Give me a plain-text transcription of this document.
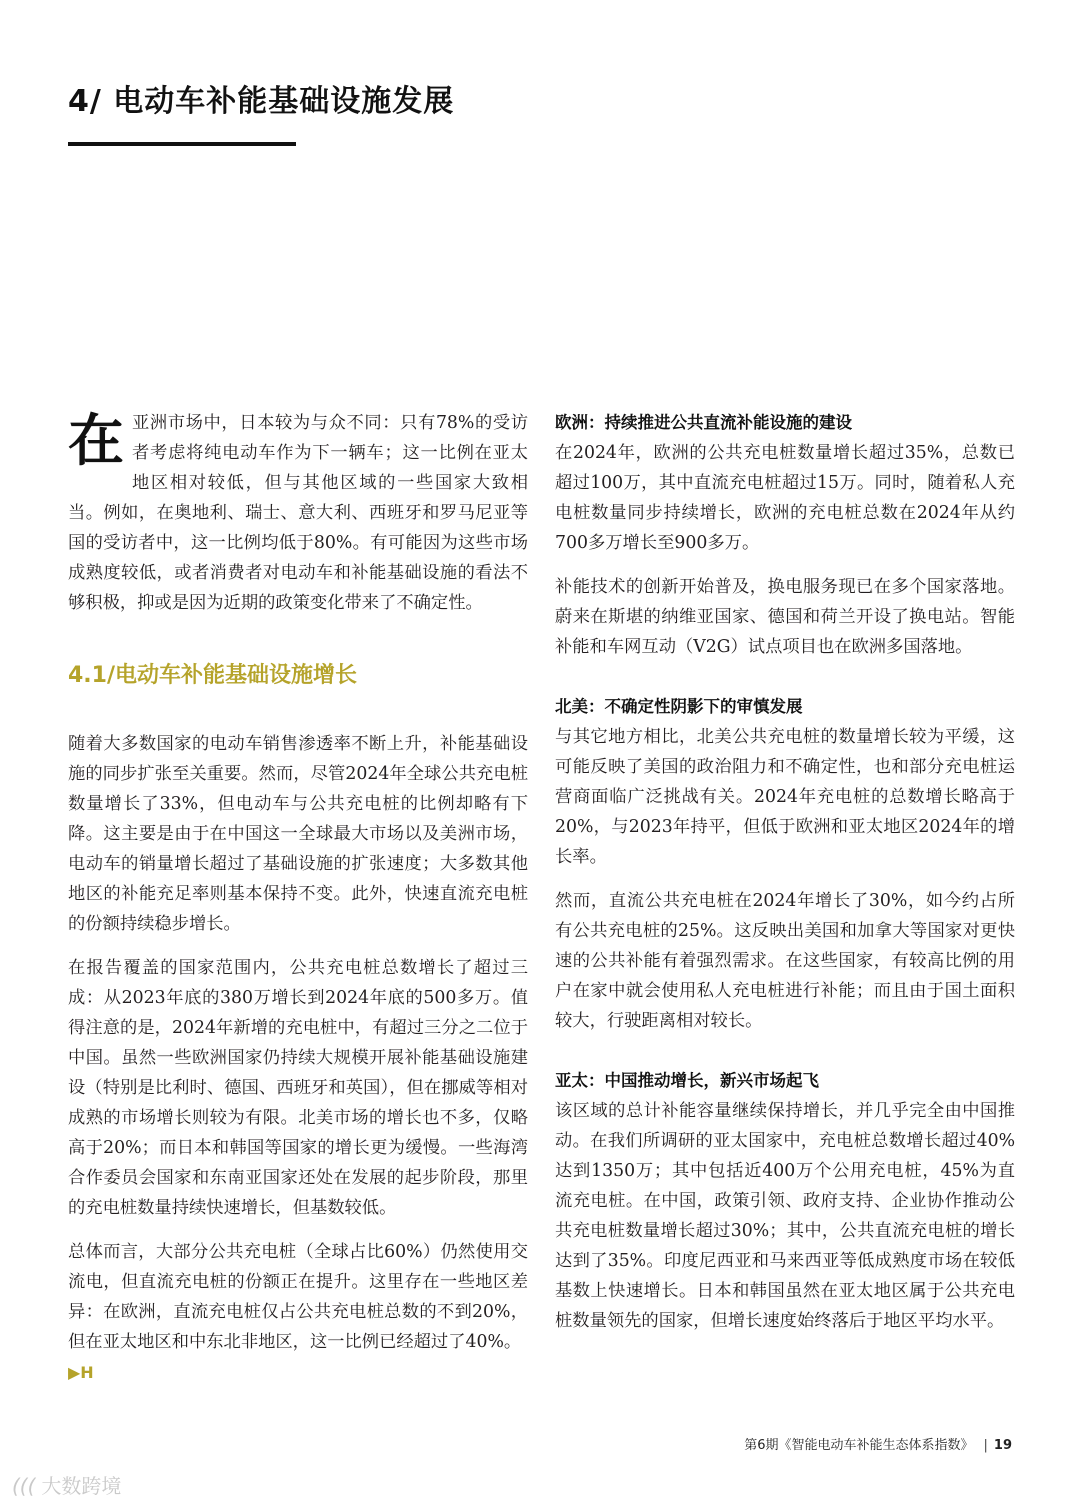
4/ 电动车补能基础设施发展

在亚洲市场中，日本较为与众不同：只有78%的受访者考虑将纯电动车作为下一辆车；这一比例在亚太地区相对较低，但与其他区域的一些国家大致相当。例如，在奥地利、瑞士、意大利、西班牙和罗马尼亚等国的受访者中，这一比例均低于80%。有可能因为这些市场成熟度较低，或者消费者对电动车和补能基础设施的看法不够积极，抑或是因为近期的政策变化带来了不确定性。

4.1/电动车补能基础设施增长

随着大多数国家的电动车销售渗透率不断上升，补能基础设施的同步扩张至关重要。然而，尽管2024年全球公共充电桩数量增长了33%，但电动车与公共充电桩的比例却略有下降。这主要是由于在中国这一全球最大市场以及美洲市场，电动车的销量增长超过了基础设施的扩张速度；大多数其他地区的补能充足率则基本保持不变。此外，快速直流充电桩的份额持续稳步增长。

在报告覆盖的国家范围内，公共充电桩总数增长了超过三成：从2023年底的380万增长到2024年底的500多万。值得注意的是，2024年新增的充电桩中，有超过三分之二位于中国。虽然一些欧洲国家仍持续大规模开展补能基础设施建设（特别是比利时、德国、西班牙和英国），但在挪威等相对成熟的市场增长则较为有限。北美市场的增长也不多，仅略高于20%；而日本和韩国等国家的增长更为缓慢。一些海湾合作委员会国家和东南亚国家还处在发展的起步阶段，那里的充电桩数量持续快速增长，但基数较低。

总体而言，大部分公共充电桩（全球占比60%）仍然使用交流电，但直流充电桩的份额正在提升。这里存在一些地区差异：在欧洲，直流充电桩仅占公共充电桩总数的不到20%，但在亚太地区和中东北非地区，这一比例已经超过了40%。

▶H
欧洲：持续推进公共直流补能设施的建设

在2024年，欧洲的公共充电桩数量增长超过35%，总数已超过100万，其中直流充电桩超过15万。同时，随着私人充电桩数量同步持续增长，欧洲的充电桩总数在2024年从约700多万增长至900多万。

补能技术的创新开始普及，换电服务现已在多个国家落地。蔚来在斯堪的纳维亚国家、德国和荷兰开设了换电站。智能补能和车网互动（V2G）试点项目也在欧洲多国落地。

北美：不确定性阴影下的审慎发展

与其它地方相比，北美公共充电桩的数量增长较为平缓，这可能反映了美国的政治阻力和不确定性，也和部分充电桩运营商面临广泛挑战有关。2024年充电桩的总数增长略高于20%，与2023年持平，但低于欧洲和亚太地区2024年的增长率。

然而，直流公共充电桩在2024年增长了30%，如今约占所有公共充电桩的25%。这反映出美国和加拿大等国家对更快速的公共补能有着强烈需求。在这些国家，有较高比例的用户在家中就会使用私人充电桩进行补能；而且由于国土面积较大，行驶距离相对较长。

亚太：中国推动增长，新兴市场起飞

该区域的总计补能容量继续保持增长，并几乎完全由中国推动。在我们所调研的亚太国家中，充电桩总数增长超过40%达到1350万；其中包括近400万个公用充电桩，45%为直流充电桩。在中国，政策引领、政府支持、企业协作推动公共充电桩数量增长超过30%；其中，公共直流充电桩的增长达到了35%。印度尼西亚和马来西亚等低成熟度市场在较低基数上快速增长。日本和韩国虽然在亚太地区属于公共充电桩数量领先的国家，但增长速度始终落后于地区平均水平。

第6期《智能电动车补能生态体系指数》 | 19
((( 大数跨境
